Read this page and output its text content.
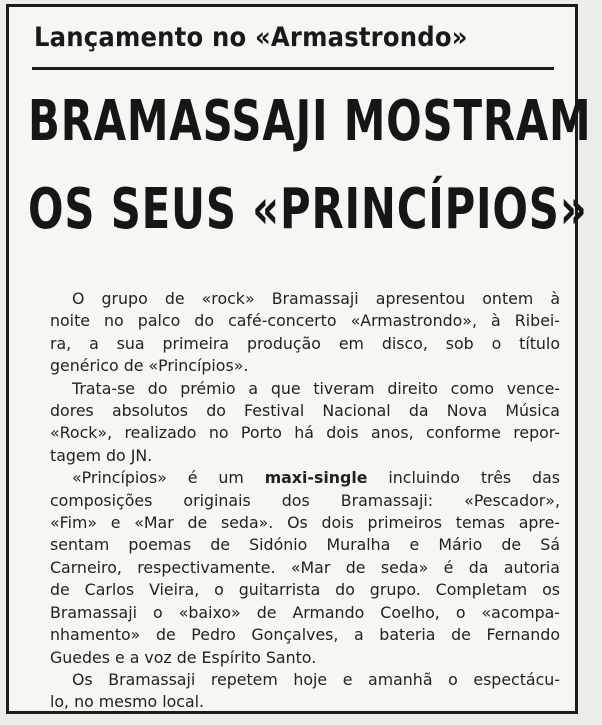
Lançamento no «Armastrondo»
BRAMASSAJI MOSTRAM
OS SEUS «PRINCÍPIOS»
O grupo de «rock» Bramassaji apresentou ontem à
noite no palco do café-concerto «Armastrondo», à Ribei-
ra, a sua primeira produção em disco, sob o título
genérico de «Princípios».
Trata-se do prémio a que tiveram direito como vence-
dores absolutos do Festival Nacional da Nova Música
«Rock», realizado no Porto há dois anos, conforme repor-
tagem do JN.
«Princípios» é um maxi-single incluindo três das
composições originais dos Bramassaji: «Pescador»,
«Fim» e «Mar de seda». Os dois primeiros temas apre-
sentam poemas de Sidónio Muralha e Mário de Sá
Carneiro, respectivamente. «Mar de seda» é da autoria
de Carlos Vieira, o guitarrista do grupo. Completam os
Bramassaji o «baixo» de Armando Coelho, o «acompa-
nhamento» de Pedro Gonçalves, a bateria de Fernando
Guedes e a voz de Espírito Santo.
Os Bramassaji repetem hoje e amanhã o espectácu-
lo, no mesmo local.
